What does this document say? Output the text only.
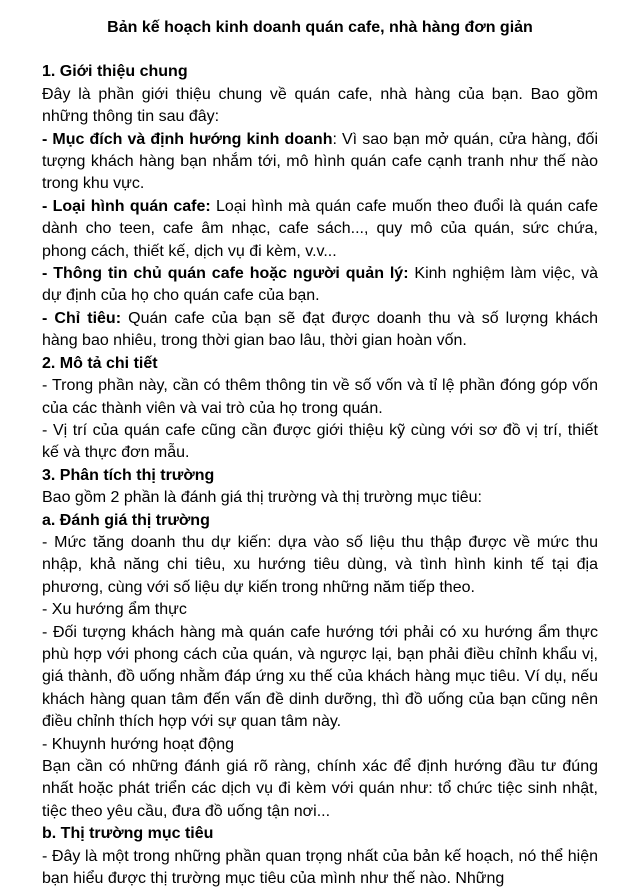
Bản kế hoạch kinh doanh quán cafe, nhà hàng đơn giản

1. Giới thiệu chung

Đây là phần giới thiệu chung về quán cafe, nhà hàng của bạn. Bao gồm những thông tin sau đây:

- Mục đích và định hướng kinh doanh: Vì sao bạn mở quán, cửa hàng, đối tượng khách hàng bạn nhắm tới, mô hình quán cafe cạnh tranh như thế nào trong khu vực.

- Loại hình quán cafe: Loại hình mà quán cafe muốn theo đuổi là quán cafe dành cho teen, cafe âm nhạc, cafe sách..., quy mô của quán, sức chứa, phong cách, thiết kế, dịch vụ đi kèm, v.v...

- Thông tin chủ quán cafe hoặc người quản lý: Kinh nghiệm làm việc, và dự định của họ cho quán cafe của bạn.

- Chỉ tiêu: Quán cafe của bạn sẽ đạt được doanh thu và số lượng khách hàng bao nhiêu, trong thời gian bao lâu, thời gian hoàn vốn.

2. Mô tả chi tiết

- Trong phần này, cần có thêm thông tin về số vốn và tỉ lệ phần đóng góp vốn của các thành viên và vai trò của họ trong quán.

- Vị trí của quán cafe cũng cần được giới thiệu kỹ cùng với sơ đồ vị trí, thiết kế và thực đơn mẫu.

3. Phân tích thị trường

Bao gồm 2 phần là đánh giá thị trường và thị trường mục tiêu:

a. Đánh giá thị trường

- Mức tăng doanh thu dự kiến: dựa vào số liệu thu thập được về mức thu nhập, khả năng chi tiêu, xu hướng tiêu dùng, và tình hình kinh tế tại địa phương, cùng với số liệu dự kiến trong những năm tiếp theo.

- Xu hướng ẩm thực

- Đối tượng khách hàng mà quán cafe hướng tới phải có xu hướng ẩm thực phù hợp với phong cách của quán, và ngược lại, bạn phải điều chỉnh khẩu vị, giá thành, đồ uống nhằm đáp ứng xu thế của khách hàng mục tiêu. Ví dụ, nếu khách hàng quan tâm đến vấn đề dinh dưỡng, thì đồ uống của bạn cũng nên điều chỉnh thích hợp với sự quan tâm này.

- Khuynh hướng hoạt động

Bạn cần có những đánh giá rõ ràng, chính xác để định hướng đầu tư đúng nhất hoặc phát triển các dịch vụ đi kèm với quán như: tổ chức tiệc sinh nhật, tiệc theo yêu cầu, đưa đồ uống tận nơi...

b. Thị trường mục tiêu

- Đây là một trong những phần quan trọng nhất của bản kế hoạch, nó thể hiện bạn hiểu được thị trường mục tiêu của mình như thế nào. Những
